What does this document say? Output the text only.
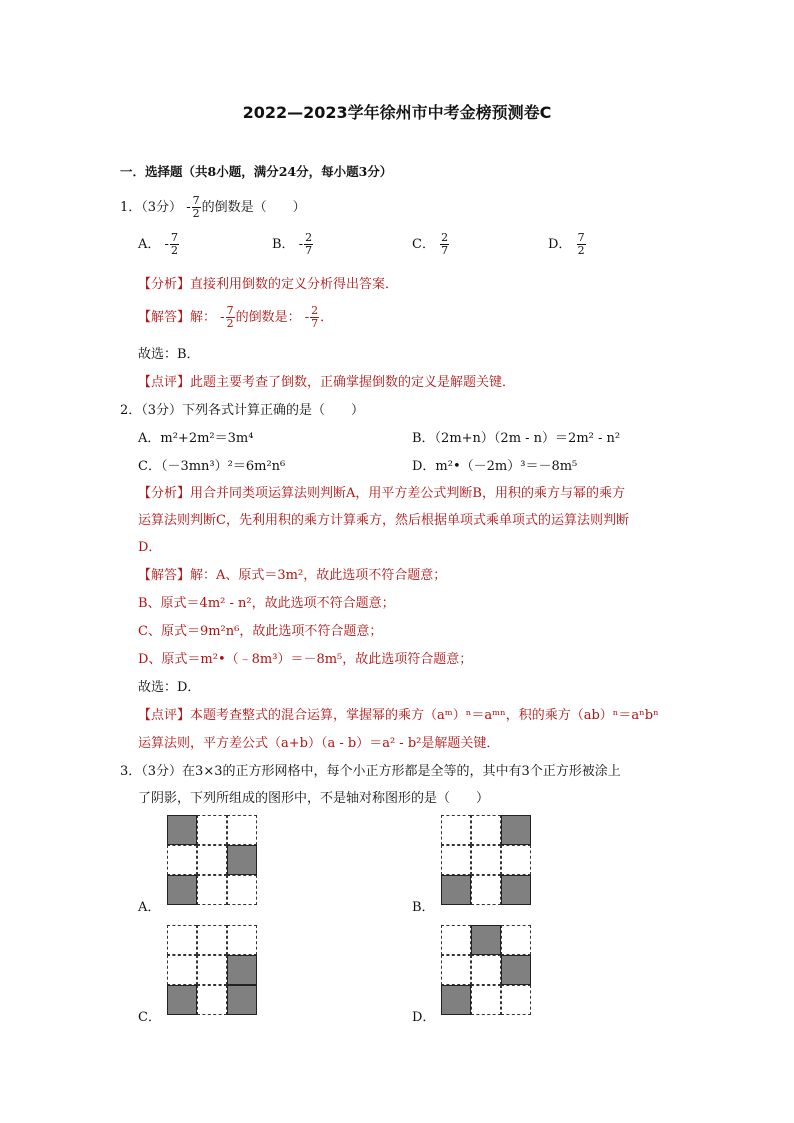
2022—2023学年徐州市中考金榜预测卷C
一．选择题（共8小题，满分24分，每小题3分）
1．（3分） - $\frac{7}{2}$ 的倒数是（　　）
A． - $\frac{7}{2}$	B． - $\frac{2}{7}$	C． $\frac{2}{7}$	D． $\frac{7}{2}$
【分析】直接利用倒数的定义分析得出答案．
【解答】解： - $\frac{7}{2}$ 的倒数是： - $\frac{2}{7}$ ．
故选：B．
【点评】此题主要考查了倒数，正确掌握倒数的定义是解题关键．
2．（3分）下列各式计算正确的是（　　）
A．m²+2m²＝3m⁴	B．（2m+n）（2m - n）＝2m² - n²
C．（－3mn³）²＝6m²n⁶	D．m²•（－2m）³＝－8m⁵
【分析】用合并同类项运算法则判断A，用平方差公式判断B，用积的乘方与幂的乘方
运算法则判断C，先利用积的乘方计算乘方，然后根据单项式乘单项式的运算法则判断
D．
【解答】解：A、原式＝3m²，故此选项不符合题意；
B、原式＝4m² - n²，故此选项不符合题意；
C、原式＝9m²n⁶，故此选项不符合题意；
D、原式＝m²•（﹣8m³）＝－8m⁵，故此选项符合题意；
故选：D．
【点评】本题考查整式的混合运算，掌握幂的乘方（aᵐ）ⁿ＝aᵐⁿ，积的乘方（ab）ⁿ＝aⁿbⁿ
运算法则，平方差公式（a+b）（a - b）＝a² - b²是解题关键．
3．（3分）在3×3的正方形网格中，每个小正方形都是全等的，其中有3个正方形被涂上
了阴影，下列所组成的图形中，不是轴对称图形的是（　　）
A．	B．
C．	D．
